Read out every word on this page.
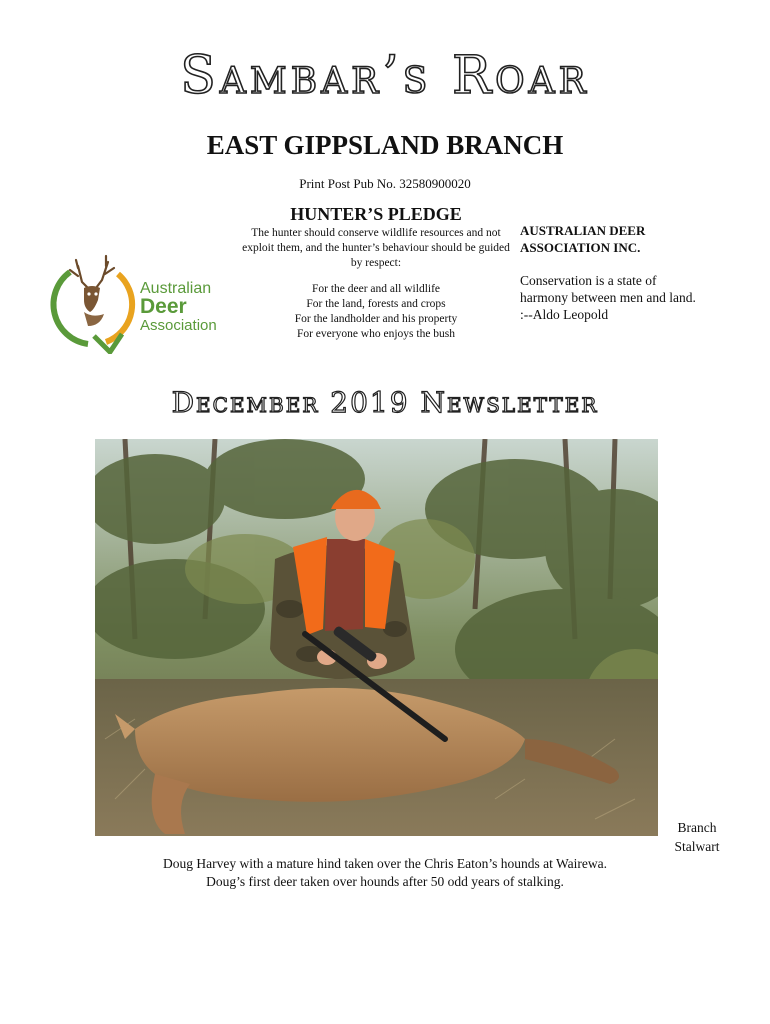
Sambar’s Roar
EAST GIPPSLAND BRANCH
Print Post Pub No. 32580900020
Australian
Deer
Association
HUNTER’S PLEDGE
The hunter should conserve wildlife resources and not exploit them, and the hunter’s behaviour should be guided by respect:
For the deer and all wildlife
For the land, forests and crops
For the landholder and his property
For everyone who enjoys the bush
AUSTRALIAN DEER
ASSOCIATION INC.
Conservation is a state of
harmony between men and land.
:--Aldo Leopold
December 2019 Newsletter
Branch
Stalwart
Doug Harvey with a mature hind taken over the Chris Eaton’s hounds at Wairewa.
Doug’s first deer taken over hounds after 50 odd years of stalking.
